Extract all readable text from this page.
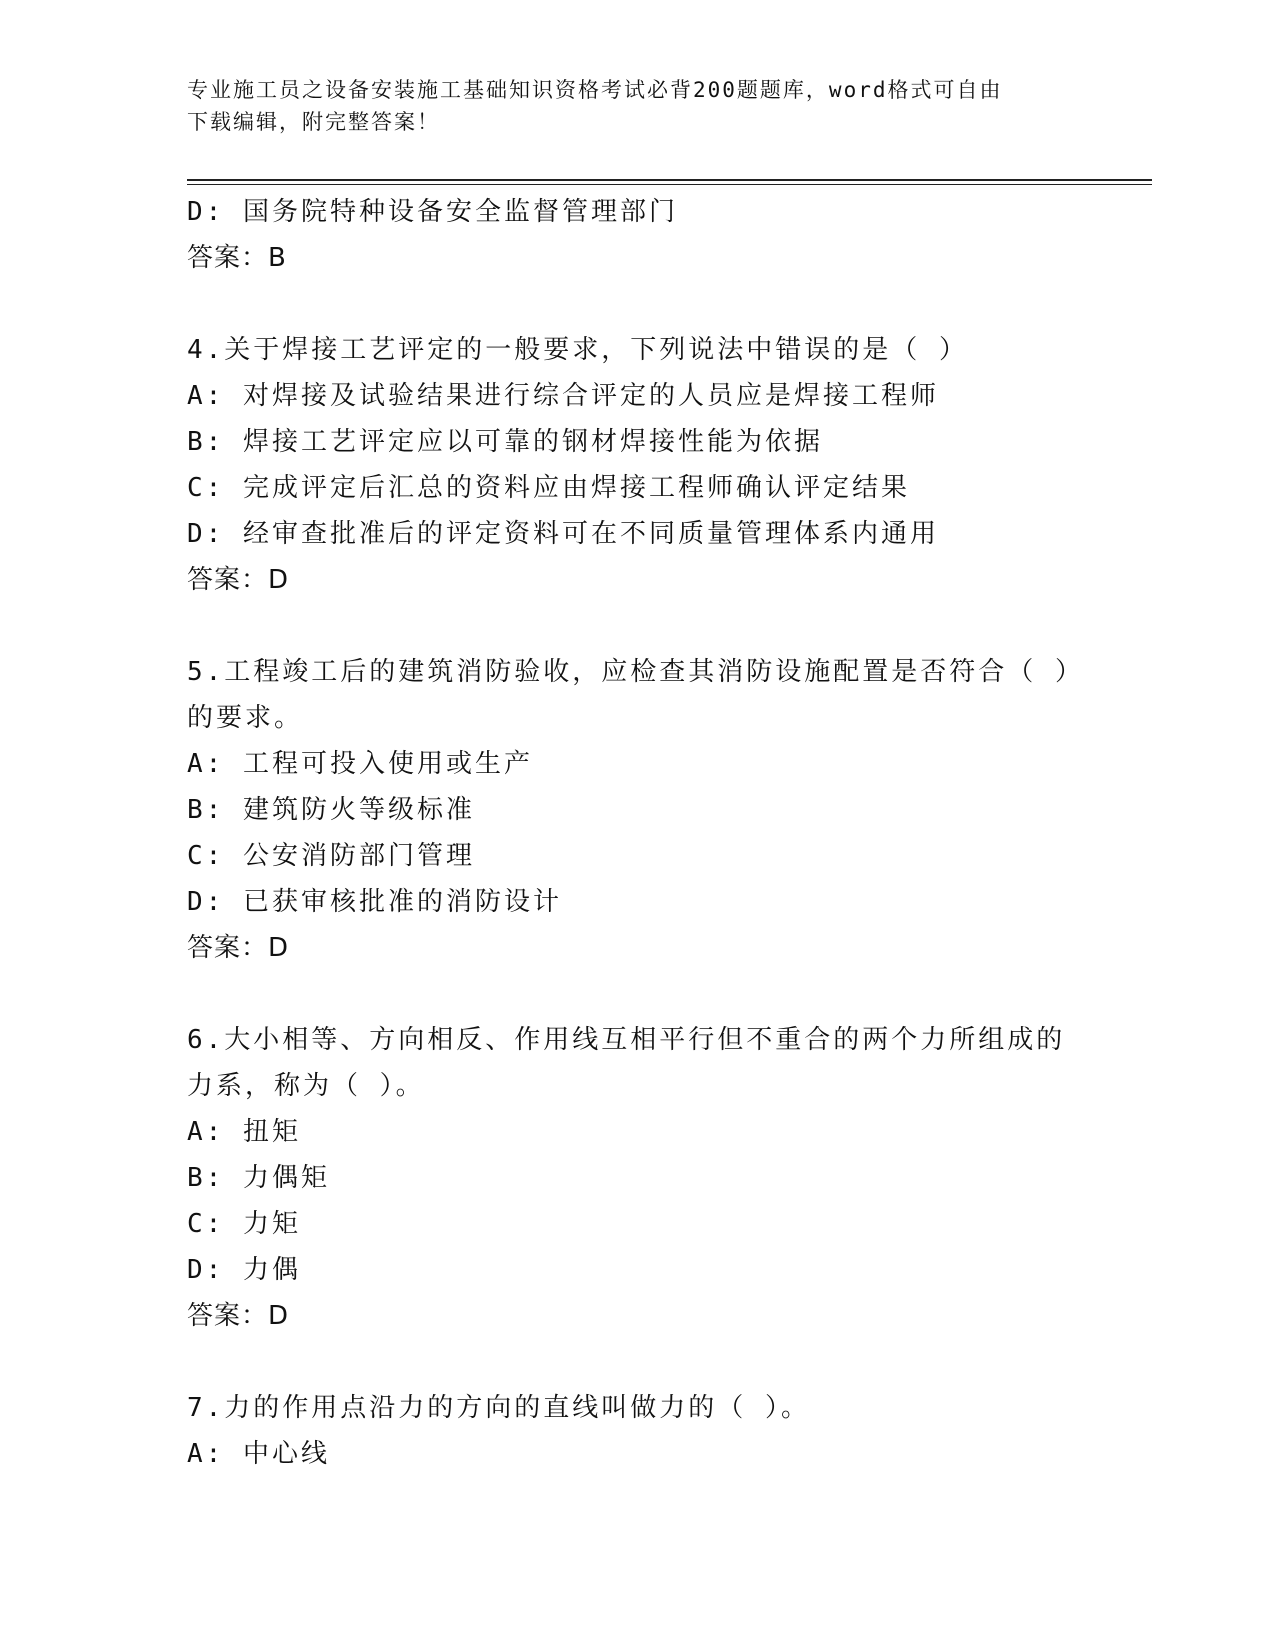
专业施工员之设备安装施工基础知识资格考试必背200题题库，word格式可自由
下载编辑，附完整答案！
D: 国务院特种设备安全监督管理部门
答案：B
4.关于焊接工艺评定的一般要求，下列说法中错误的是（ ）
A: 对焊接及试验结果进行综合评定的人员应是焊接工程师
B: 焊接工艺评定应以可靠的钢材焊接性能为依据
C: 完成评定后汇总的资料应由焊接工程师确认评定结果
D: 经审查批准后的评定资料可在不同质量管理体系内通用
答案：D
5.工程竣工后的建筑消防验收，应检查其消防设施配置是否符合（ ）
的要求。
A: 工程可投入使用或生产
B: 建筑防火等级标准
C: 公安消防部门管理
D: 已获审核批准的消防设计
答案：D
6.大小相等、方向相反、作用线互相平行但不重合的两个力所组成的
力系，称为（ ）。
A: 扭矩
B: 力偶矩
C: 力矩
D: 力偶
答案：D
7.力的作用点沿力的方向的直线叫做力的（ ）。
A: 中心线
